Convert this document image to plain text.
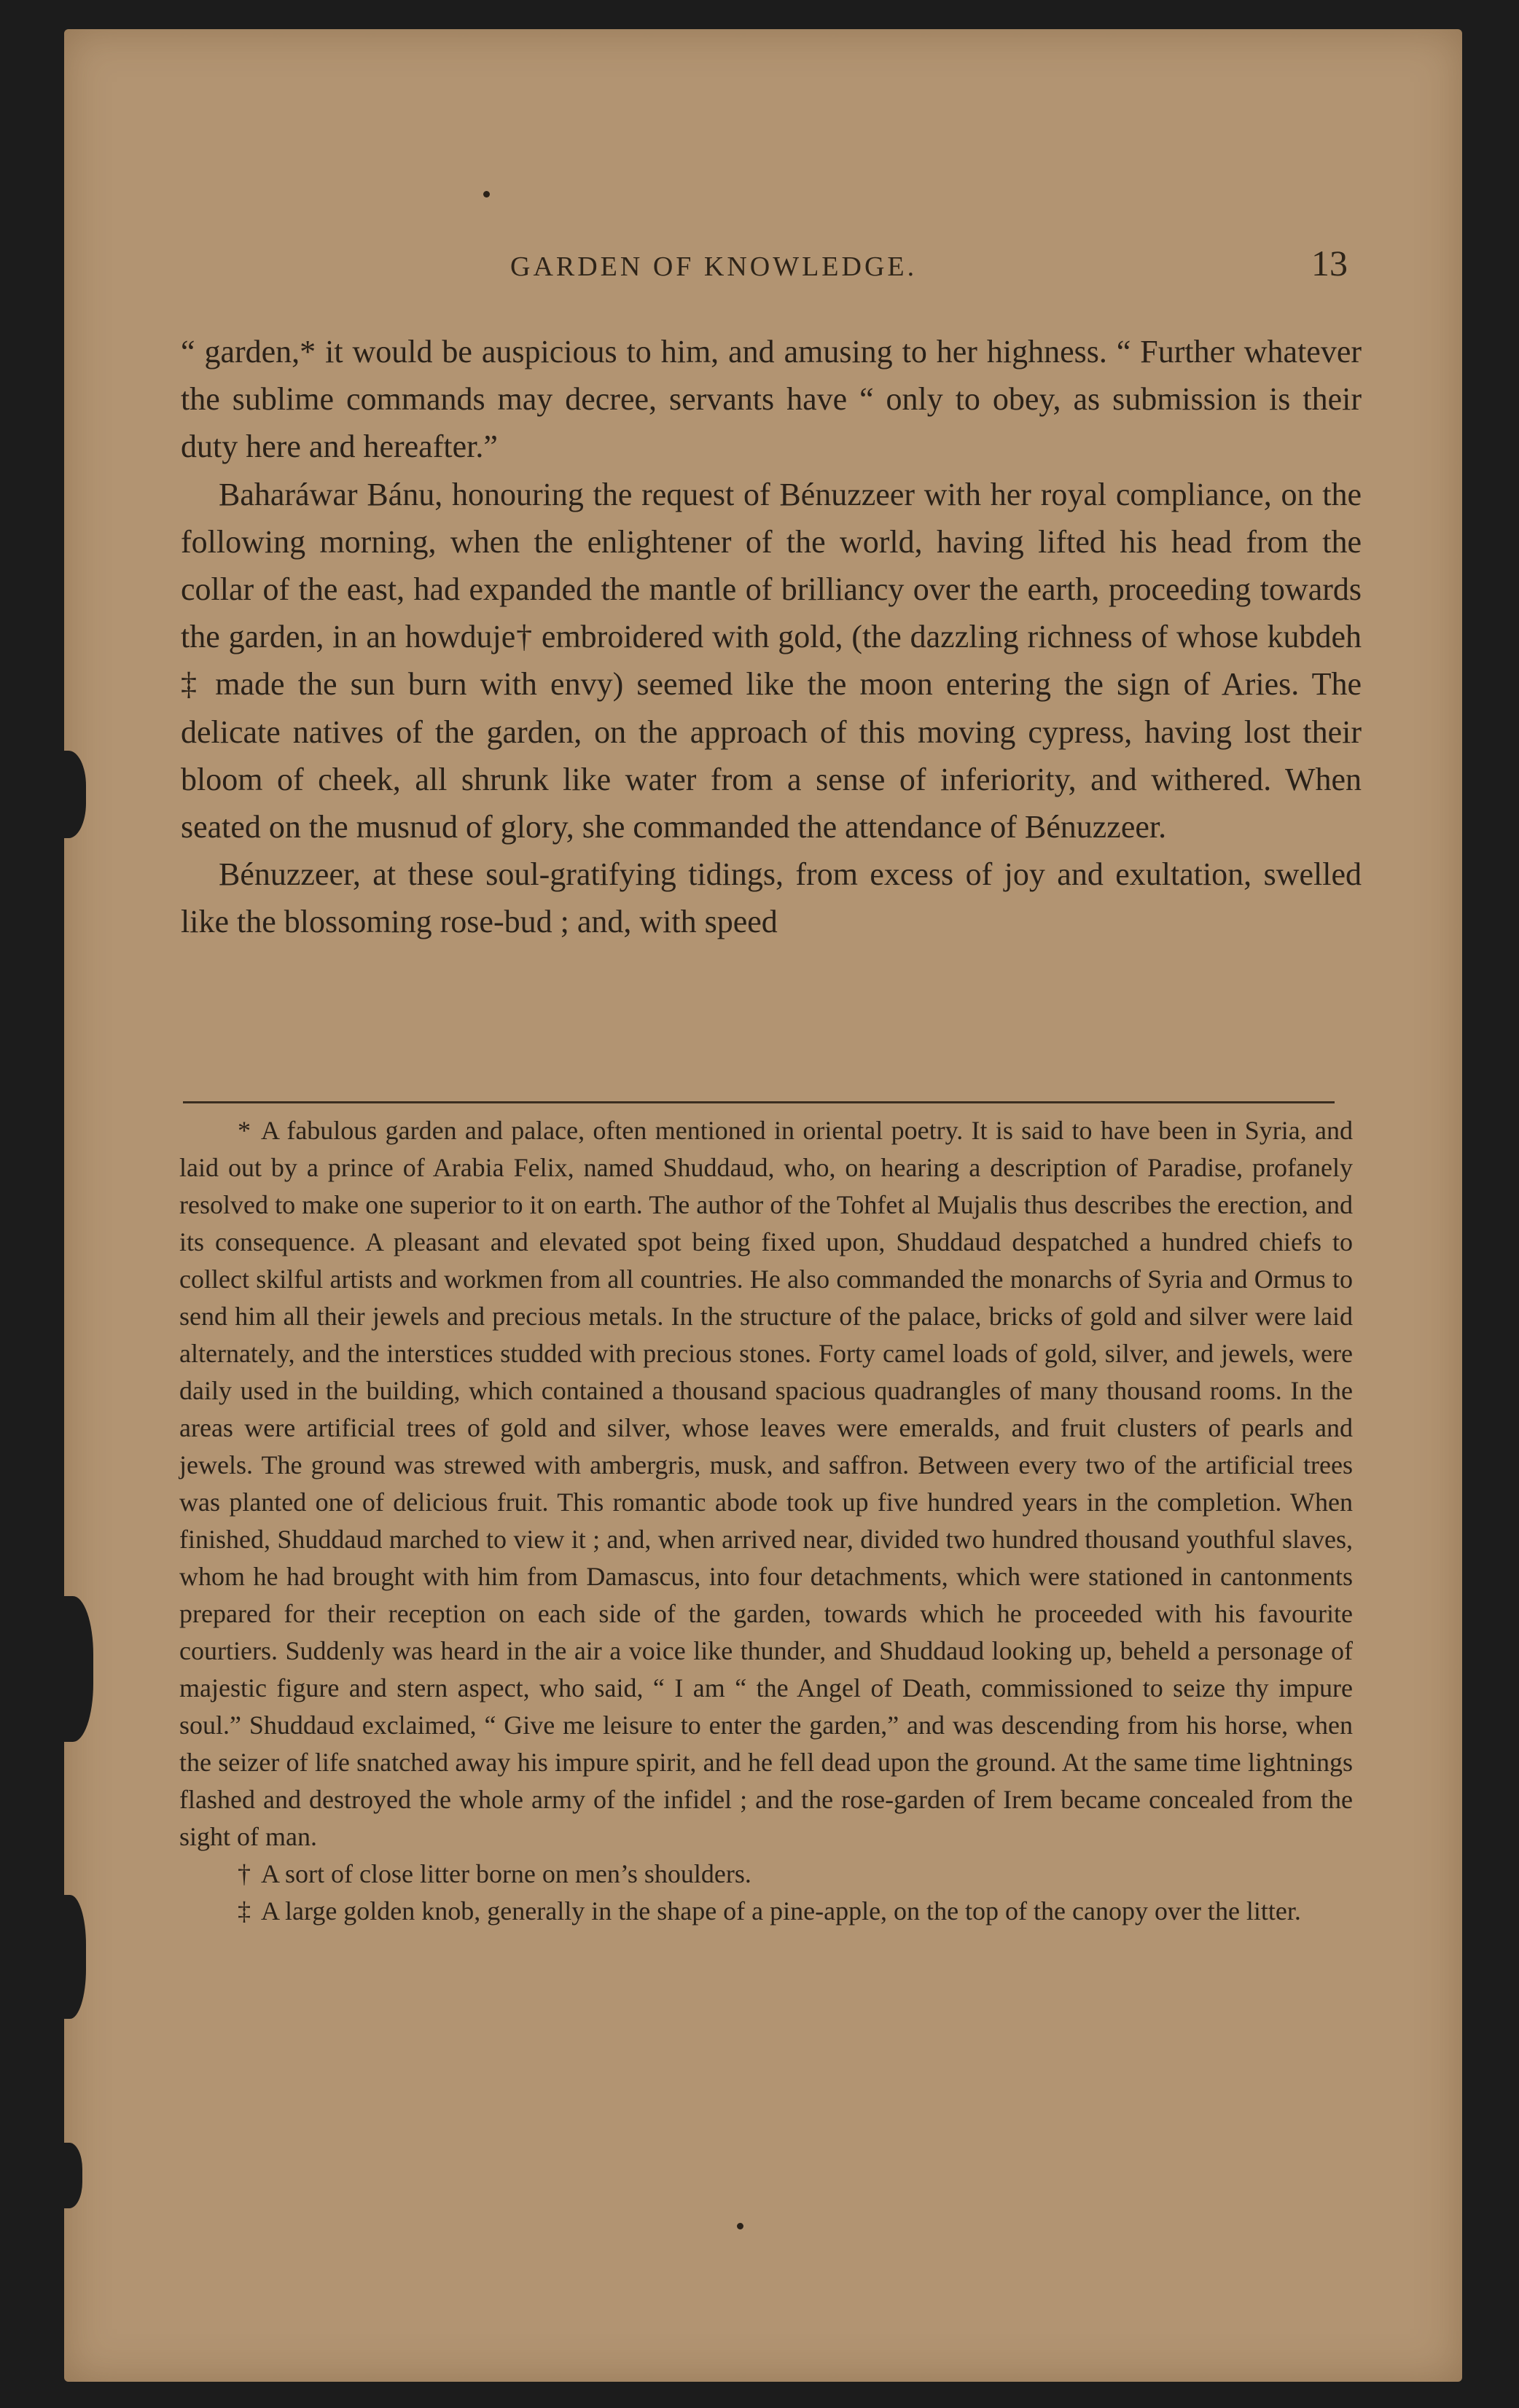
GARDEN OF KNOWLEDGE.	13

“ garden,* it would be auspicious to him, and amusing to her highness. “ Further whatever the sublime commands may decree, servants have “ only to obey, as submission is their duty here and hereafter.”

Baharáwar Bánu, honouring the request of Bénuzzeer with her royal compliance, on the following morning, when the enlightener of the world, having lifted his head from the collar of the east, had expanded the mantle of brilliancy over the earth, proceeding towards the garden, in an howduje† embroidered with gold, (the dazzling richness of whose kubdeh ‡ made the sun burn with envy) seemed like the moon entering the sign of Aries. The delicate natives of the garden, on the approach of this moving cypress, having lost their bloom of cheek, all shrunk like water from a sense of inferiority, and withered. When seated on the musnud of glory, she commanded the attendance of Bénuzzeer.

Bénuzzeer, at these soul-gratifying tidings, from excess of joy and exultation, swelled like the blossoming rose-bud ; and, with speed

* A fabulous garden and palace, often mentioned in oriental poetry. It is said to have been in Syria, and laid out by a prince of Arabia Felix, named Shuddaud, who, on hearing a description of Paradise, profanely resolved to make one superior to it on earth. The author of the Tohfet al Mujalis thus describes the erection, and its consequence. A pleasant and elevated spot being fixed upon, Shuddaud despatched a hundred chiefs to collect skilful artists and workmen from all countries. He also commanded the monarchs of Syria and Ormus to send him all their jewels and precious metals. In the structure of the palace, bricks of gold and silver were laid alternately, and the interstices studded with precious stones. Forty camel loads of gold, silver, and jewels, were daily used in the building, which contained a thousand spacious quadrangles of many thousand rooms. In the areas were artificial trees of gold and silver, whose leaves were emeralds, and fruit clusters of pearls and jewels. The ground was strewed with ambergris, musk, and saffron. Between every two of the artificial trees was planted one of delicious fruit. This romantic abode took up five hundred years in the completion. When finished, Shuddaud marched to view it ; and, when arrived near, divided two hundred thousand youthful slaves, whom he had brought with him from Damascus, into four detachments, which were stationed in cantonments prepared for their reception on each side of the garden, towards which he proceeded with his favourite courtiers. Suddenly was heard in the air a voice like thunder, and Shuddaud looking up, beheld a personage of majestic figure and stern aspect, who said, “ I am “ the Angel of Death, commissioned to seize thy impure soul.” Shuddaud exclaimed, “ Give me leisure to enter the garden,” and was descending from his horse, when the seizer of life snatched away his impure spirit, and he fell dead upon the ground. At the same time lightnings flashed and destroyed the whole army of the infidel ; and the rose-garden of Irem became concealed from the sight of man.

† A sort of close litter borne on men’s shoulders.

‡ A large golden knob, generally in the shape of a pine-apple, on the top of the canopy over the litter.
